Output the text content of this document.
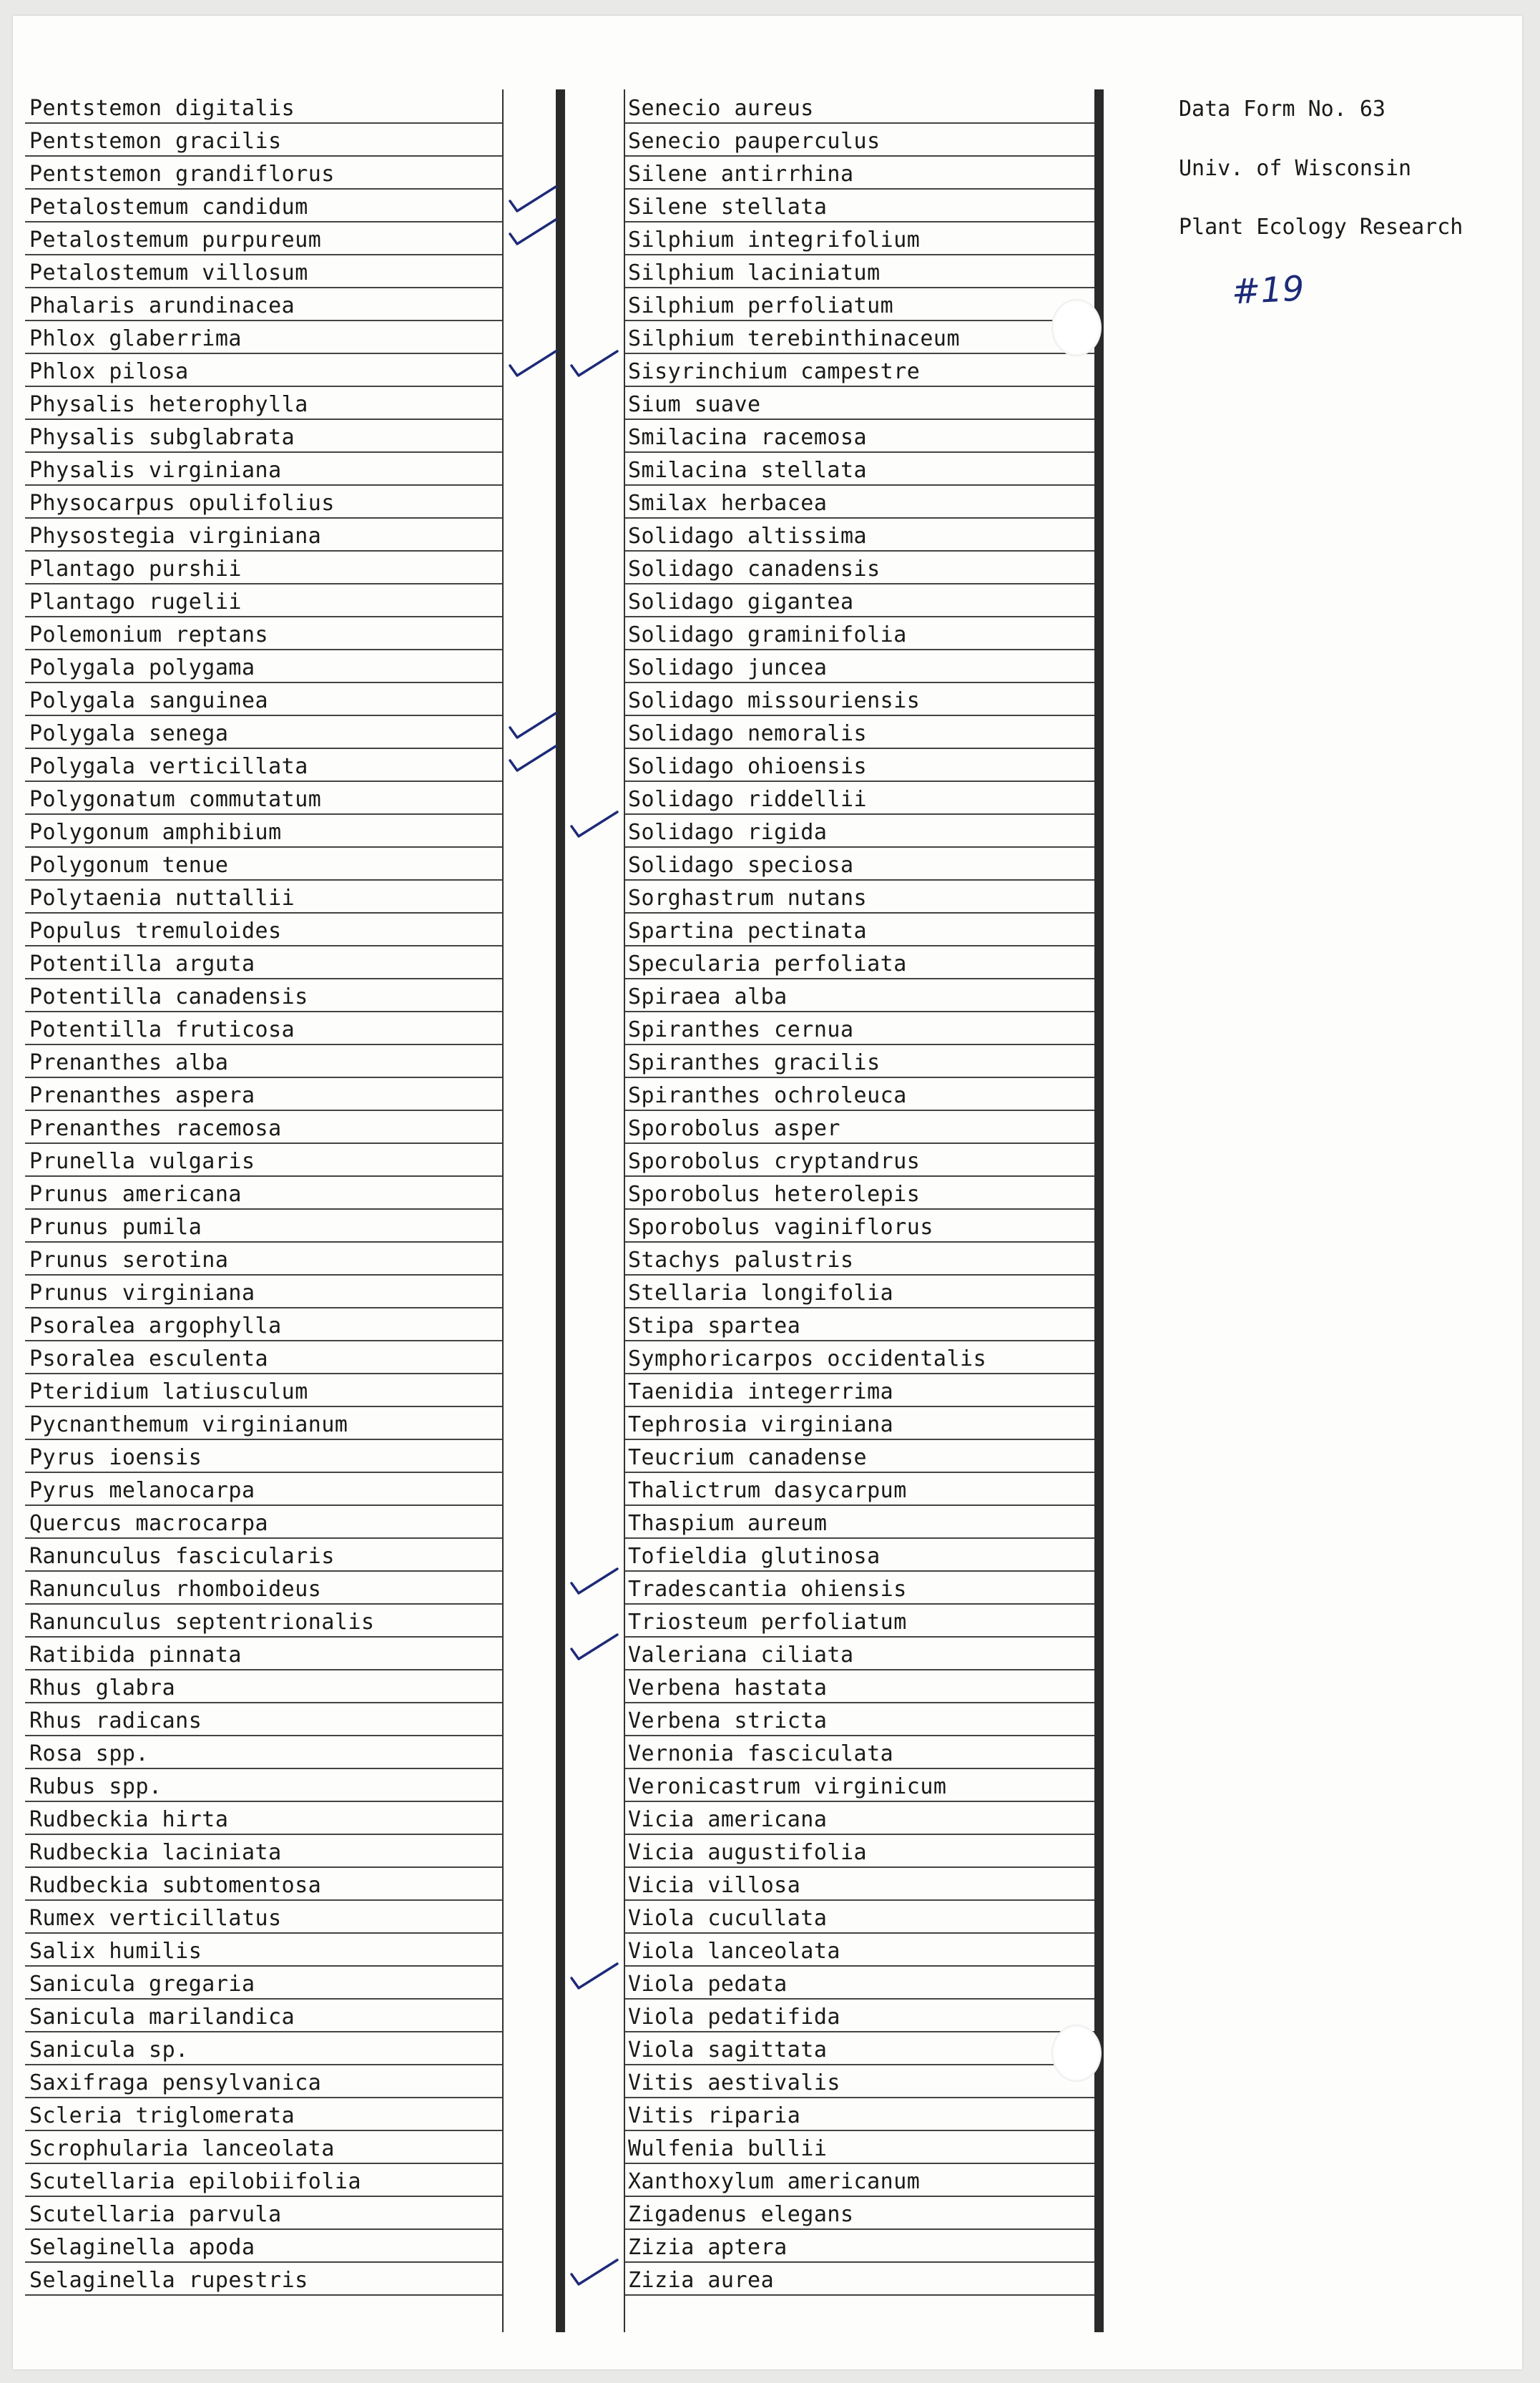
Data Form No. 63
Univ. of Wisconsin
Plant Ecology Research
#19
Pentstemon digitalis
Pentstemon gracilis
Pentstemon grandiflorus
Petalostemum candidum
Petalostemum purpureum
Petalostemum villosum
Phalaris arundinacea
Phlox glaberrima
Phlox pilosa
Physalis heterophylla
Physalis subglabrata
Physalis virginiana
Physocarpus opulifolius
Physostegia virginiana
Plantago purshii
Plantago rugelii
Polemonium reptans
Polygala polygama
Polygala sanguinea
Polygala senega
Polygala verticillata
Polygonatum commutatum
Polygonum amphibium
Polygonum tenue
Polytaenia nuttallii
Populus tremuloides
Potentilla arguta
Potentilla canadensis
Potentilla fruticosa
Prenanthes alba
Prenanthes aspera
Prenanthes racemosa
Prunella vulgaris
Prunus americana
Prunus pumila
Prunus serotina
Prunus virginiana
Psoralea argophylla
Psoralea esculenta
Pteridium latiusculum
Pycnanthemum virginianum
Pyrus ioensis
Pyrus melanocarpa
Quercus macrocarpa
Ranunculus fascicularis
Ranunculus rhomboideus
Ranunculus septentrionalis
Ratibida pinnata
Rhus glabra
Rhus radicans
Rosa spp.
Rubus spp.
Rudbeckia hirta
Rudbeckia laciniata
Rudbeckia subtomentosa
Rumex verticillatus
Salix humilis
Sanicula gregaria
Sanicula marilandica
Sanicula sp.
Saxifraga pensylvanica
Scleria triglomerata
Scrophularia lanceolata
Scutellaria epilobiifolia
Scutellaria parvula
Selaginella apoda
Selaginella rupestris
Senecio aureus
Senecio pauperculus
Silene antirrhina
Silene stellata
Silphium integrifolium
Silphium laciniatum
Silphium perfoliatum
Silphium terebinthinaceum
Sisyrinchium campestre
Sium suave
Smilacina racemosa
Smilacina stellata
Smilax herbacea
Solidago altissima
Solidago canadensis
Solidago gigantea
Solidago graminifolia
Solidago juncea
Solidago missouriensis
Solidago nemoralis
Solidago ohioensis
Solidago riddellii
Solidago rigida
Solidago speciosa
Sorghastrum nutans
Spartina pectinata
Specularia perfoliata
Spiraea alba
Spiranthes cernua
Spiranthes gracilis
Spiranthes ochroleuca
Sporobolus asper
Sporobolus cryptandrus
Sporobolus heterolepis
Sporobolus vaginiflorus
Stachys palustris
Stellaria longifolia
Stipa spartea
Symphoricarpos occidentalis
Taenidia integerrima
Tephrosia virginiana
Teucrium canadense
Thalictrum dasycarpum
Thaspium aureum
Tofieldia glutinosa
Tradescantia ohiensis
Triosteum perfoliatum
Valeriana ciliata
Verbena hastata
Verbena stricta
Vernonia fasciculata
Veronicastrum virginicum
Vicia americana
Vicia augustifolia
Vicia villosa
Viola cucullata
Viola lanceolata
Viola pedata
Viola pedatifida
Viola sagittata
Vitis aestivalis
Vitis riparia
Wulfenia bullii
Xanthoxylum americanum
Zigadenus elegans
Zizia aptera
Zizia aurea
